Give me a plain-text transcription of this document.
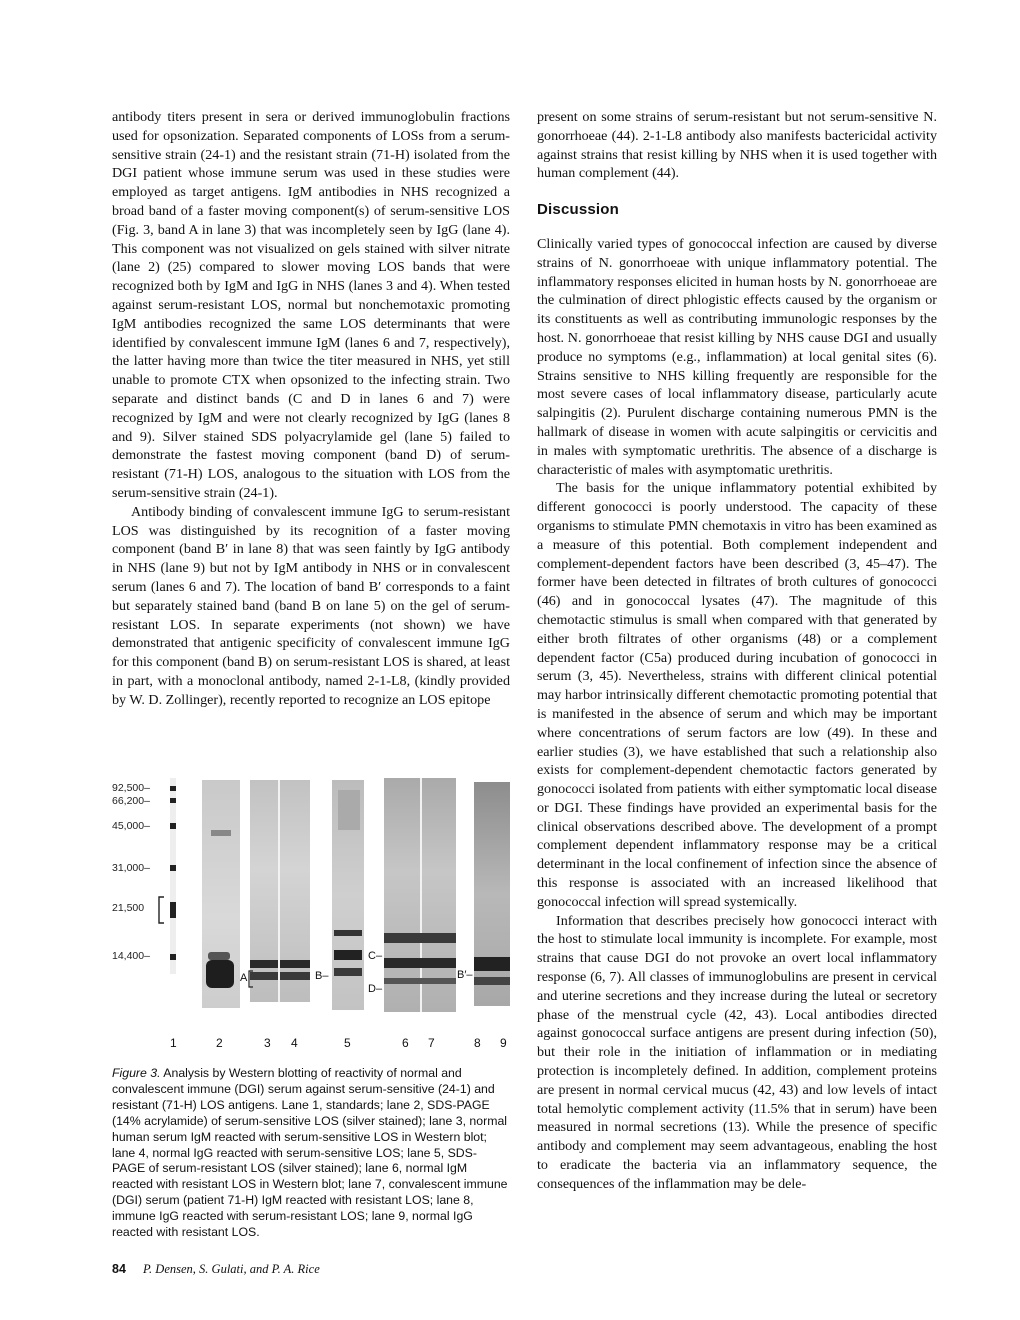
antibody titers present in sera or derived immunoglobulin fractions used for opsonization. Separated components of LOSs from a serum-sensitive strain (24-1) and the resistant strain (71-H) isolated from the DGI patient whose immune serum was used in these studies were employed as target antigens. IgM antibodies in NHS recognized a broad band of a faster moving component(s) of serum-sensitive LOS (Fig. 3, band A in lane 3) that was incompletely seen by IgG (lane 4). This component was not visualized on gels stained with silver nitrate (lane 2) (25) compared to slower moving LOS bands that were recognized both by IgM and IgG in NHS (lanes 3 and 4). When tested against serum-resistant LOS, normal but nonchemotaxic promoting IgM antibodies recognized the same LOS determinants that were identified by convalescent immune IgM (lanes 6 and 7, respectively), the latter having more than twice the titer measured in NHS, yet still unable to promote CTX when opsonized to the infecting strain. Two separate and distinct bands (C and D in lanes 6 and 7) were recognized by IgM and were not clearly recognized by IgG (lanes 8 and 9). Silver stained SDS polyacrylamide gel (lane 5) failed to demonstrate the fastest moving component (band D) of serum-resistant (71-H) LOS, analogous to the situation with LOS from the serum-sensitive strain (24-1).

Antibody binding of convalescent immune IgG to serum-resistant LOS was distinguished by its recognition of a faster moving component (band B′ in lane 8) that was seen faintly by IgG antibody in NHS (lane 9) but not by IgM antibody in NHS or in convalescent serum (lanes 6 and 7). The location of band B′ corresponds to a faint but separately stained band (band B on lane 5) on the gel of serum-resistant LOS. In separate experiments (not shown) we have demonstrated that antigenic specificity of convalescent immune IgG for this component (band B) on serum-resistant LOS is shared, at least in part, with a monoclonal antibody, named 2-1-L8, (kindly provided by W. D. Zollinger), recently reported to recognize an LOS epitope

92,500–
66,200–
45,000–
31,000–
21,500
14,400–
A	B–
C–
D–
B′–
1	2	3 4	5	6 7	8 9
Figure 3. Analysis by Western blotting of reactivity of normal and convalescent immune (DGI) serum against serum-sensitive (24-1) and resistant (71-H) LOS antigens. Lane 1, standards; lane 2, SDS-PAGE (14% acrylamide) of serum-sensitive LOS (silver stained); lane 3, normal human serum IgM reacted with serum-sensitive LOS in Western blot; lane 4, normal IgG reacted with serum-sensitive LOS; lane 5, SDS-PAGE of serum-resistant LOS (silver stained); lane 6, normal IgM reacted with resistant LOS in Western blot; lane 7, convalescent immune (DGI) serum (patient 71-H) IgM reacted with resistant LOS; lane 8, immune IgG reacted with serum-resistant LOS; lane 9, normal IgG reacted with resistant LOS.

present on some strains of serum-resistant but not serum-sensitive N. gonorrhoeae (44). 2-1-L8 antibody also manifests bactericidal activity against strains that resist killing by NHS when it is used together with human complement (44).

Discussion

Clinically varied types of gonococcal infection are caused by diverse strains of N. gonorrhoeae with unique inflammatory potential. The inflammatory responses elicited in human hosts by N. gonorrhoeae are the culmination of direct phlogistic effects caused by the organism or its constituents as well as contributing immunologic responses by the host. N. gonorrhoeae that resist killing by NHS cause DGI and usually produce no symptoms (e.g., inflammation) at local genital sites (6). Strains sensitive to NHS killing frequently are responsible for the most severe cases of local inflammatory disease, particularly acute salpingitis (2). Purulent discharge containing numerous PMN is the hallmark of disease in women with acute salpingitis or cervicitis and in males with symptomatic urethritis. The absence of a discharge is characteristic of males with asymptomatic urethritis.

The basis for the unique inflammatory potential exhibited by different gonococci is poorly understood. The capacity of these organisms to stimulate PMN chemotaxis in vitro has been examined as a measure of this potential. Both complement independent and complement-dependent factors have been described (3, 45–47). The former have been detected in filtrates of broth cultures of gonococci (46) and in gonococcal lysates (47). The magnitude of this chemotactic stimulus is small when compared with that generated by either broth filtrates of other organisms (48) or a complement dependent factor (C5a) produced during incubation of gonococci in serum (3, 45). Nevertheless, strains with different clinical potential may harbor intrinsically different chemotactic promoting potential that is manifested in the absence of serum and which may be important where concentrations of serum factors are low (49). In these and earlier studies (3), we have established that such a relationship also exists for complement-dependent chemotactic factors generated by gonococci isolated from patients with either symptomatic local disease or DGI. These findings have provided an experimental basis for the clinical observations described above. The development of a prompt complement dependent inflammatory response may be a critical determinant in the local confinement of infection since the absence of this response is associated with an increased likelihood that gonococcal infection will spread systemically.

Information that describes precisely how gonococci interact with the host to stimulate local immunity is incomplete. For example, most strains that cause DGI do not provoke an overt local inflammatory response (6, 7). All classes of immunoglobulins are present in cervical and uterine secretions and they increase during the luteal or secretory phase of the menstrual cycle (42, 43). Local antibodies directed against gonococcal surface antigens are present during infection (50), but their role in the initiation of inflammation or in mediating protection is incompletely defined. In addition, complement proteins are present in normal cervical mucus (42, 43) and low levels of intact total hemolytic complement activity (11.5% that in serum) have been measured in normal secretions (13). While the presence of specific antibody and complement may seem advantageous, enabling the host to eradicate the bacteria via an inflammatory sequence, the consequences of the inflammation may be dele-

84 P. Densen, S. Gulati, and P. A. Rice
